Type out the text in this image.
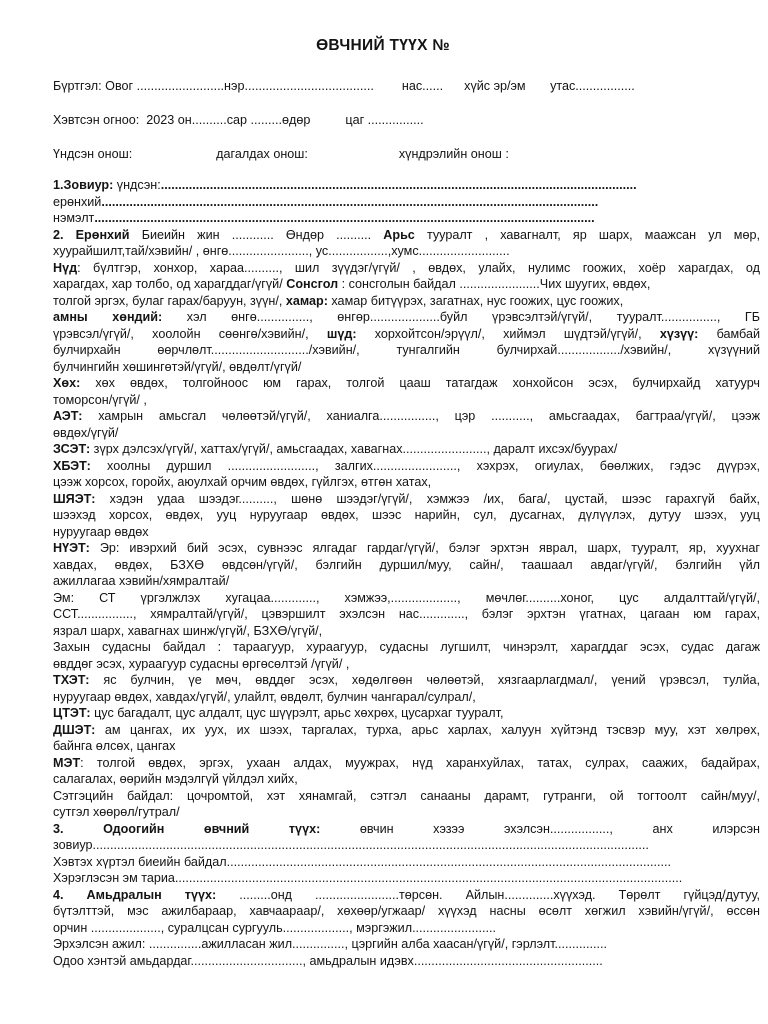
ӨВЧНИЙ ТҮҮХ №
Бүртгэл: Овог .........................нэр.....................................        нас......      хүйс эр/эм       утас.................
Хэвтсэн огноо:  2023 он..........сар .........өдөр          цаг ................
Үндсэн онош:                        дагалдах онош:                          хүндрэлийн онош :
1.Зовиур: үндсэн:........................................................................................................................................
ерөнхий..............................................................................................................................................
нэмэлт...............................................................................................................................................
2. Ерөнхий Биеийн жин ............ Өндөр .......... Арьс тууралт , хавагналт, яр шарх, маажсан ул мөр,
хуурайшилт,тай/хэвийн/ , өнгө......................., ус.................,хумс..........................
Нүд: бүлтгэр, хонхор, хараа.........., шил зүүдэг/үгүй/ , өвдөх, улайх, нулимс гоожих, хоёр харагдах, од
харагдах, хар толбо, од харагддаг/үгүй/ Сонсгол : сонсголын байдал .......................Чих шуугих, өвдөх,
толгой эргэх, булаг гарах/баруун, зүүн/, хамар: хамар битүүрэх, загатнах, нус гоожих, цус гоожих,
амны хөндий: хэл өнгө..............., өнгөр....................буйл үрэвсэлтэй/үгүй/, тууралт................, ГБ
үрэвсэл/үгүй/, хоолойн сөөнгө/хэвийн/, шүд: хорхойтсон/эрүүл/, хиймэл шүдтэй/үгүй/, хүзүү: бамбай
булчирхайн өөрчлөлт............................/хэвийн/, тунгалгийн булчирхай................../хэвийн/, хүзүүний
булчингийн хөшингөтэй/үгүй/, өвдөлт/үгүй/
Хөх: хөх өвдөх, толгойноос юм гарах, толгой цааш татагдаж хонхойсон эсэх, булчирхайд хатуурч
томорсон/үгүй/ ,
АЭТ: хамрын амьсгал чөлөөтэй/үгүй/, ханиалга................, цэр ..........., амьсгаадах, багтраа/үгүй/, цээж
өвдөх/үгүй/
ЗСЭТ: зүрх дэлсэх/үгүй/, хаттах/үгүй/, амьсгаадах, хавагнах........................, даралт ихсэх/буурах/
ХБЭТ: хоолны дуршил ........................., залгих........................, хэхрэх, огиулах, бөөлжих, гэдэс дүүрэх,
цээж хорсох, горойх, аюулхай орчим өвдөх, гүйлгэх, өтгөн хатах,
ШЯЭТ: хэдэн удаа шээдэг.........., шөнө шээдэг/үгүй/, хэмжээ /их, бага/, цустай, шээс гарахгүй байх,
шээхэд хорсох, өвдөх, ууц нуруугаар өвдөх, шээс нарийн, сул, дусагнах, дүлүүлэх, дутуу шээх, ууц
нуруугаар өвдөх
НҮЭТ: Эр: ивэрхий бий эсэх, сувнээс ялгадаг гардаг/үгүй/, бэлэг эрхтэн яврал, шарх, тууралт, яр, хуухнаг
хавдах, өвдөх, БЗХӨ өвдсөн/үгүй/, бэлгийн дуршил/муу, сайн/, таашаал авдаг/үгүй/, бэлгийн үйл
ажиллагаа хэвийн/хямралтай/
Эм: СТ үргэлжлэх хугацаа............., хэмжээ,..................., мөчлөг..........хоног, цус алдалттай/үгүй/,
ССТ................, хямралтай/үгүй/, цэвэршилт эхэлсэн нас............., бэлэг эрхтэн үгатнах, цагаан юм гарах,
язрал шарх, хавагнах шинж/үгүй/, БЗХӨ/үгүй/,
Захын судасны байдал : тараагуур, хураагуур, судасны лугшилт, чинэрэлт, харагддаг эсэх, судас дагаж
өвддөг эсэх, хураагуур судасны өргөсөлтэй /үгүй/ ,
ТХЭТ: яс булчин, үе мөч, өвддөг эсэх, хөдөлгөөн чөлөөтэй, хязгаарлагдмал/, үений үрэвсэл, тулйа,
нуруугаар өвдөх, хавдах/үгүй/, улайлт, өвдөлт, булчин чангарал/сулрал/,
ЦТЭТ: цус багадалт, цус алдалт, цус шүүрэлт, арьс хөхрөх, цусархаг тууралт,
ДШЭТ: ам цангах, их уух, их шээх, таргалах, турха, арьс харлах, халуун хүйтэнд тэсвэр муу, хэт хөлрөх,
байнга өлсөх, цангах
МЭТ: толгой өвдөх, эргэх, ухаан алдах, муужрах, нүд харанхуйлах, татах, сулрах, саажих, бадайрах,
салагалах, өөрийн мэдэлгүй үйлдэл хийх,
Сэтгэцийн байдал: цочромтой, хэт хянамгай, сэтгэл санааны дарамт, гутранги, ой тогтоолт сайн/муу/,
сутгэл хөөрөл/гутрал/
3. Одоогийн өвчний түүх: өвчин хэзээ эхэлсэн................., анх илэрсэн
зовиур...............................................................................................................................................................
Хэвтэх хүртэл биеийн байдал...............................................................................................................................
Хэрэглэсэн эм тариа.................................................................................................................................................
4. Амьдралын түүх: .........онд ........................төрсөн. Айлын..............хүүхэд. Төрөлт гүйцэд/дутуу,
бүтэлттэй, мэс ажилбараар, хавчаараар/, хөхөөр/угжаар/ хүүхэд насны өсөлт хөгжил хэвийн/үгүй/, өссөн
орчин ...................., суралцсан сургууль..................., мэргэжил........................
Эрхэлсэн ажил: ...............ажилласан жил..............., цэргийн алба хаасан/үгүй/, гэрлэлт...............
Одоо хэнтэй амьдардаг................................, амьдралын идэвх......................................................
